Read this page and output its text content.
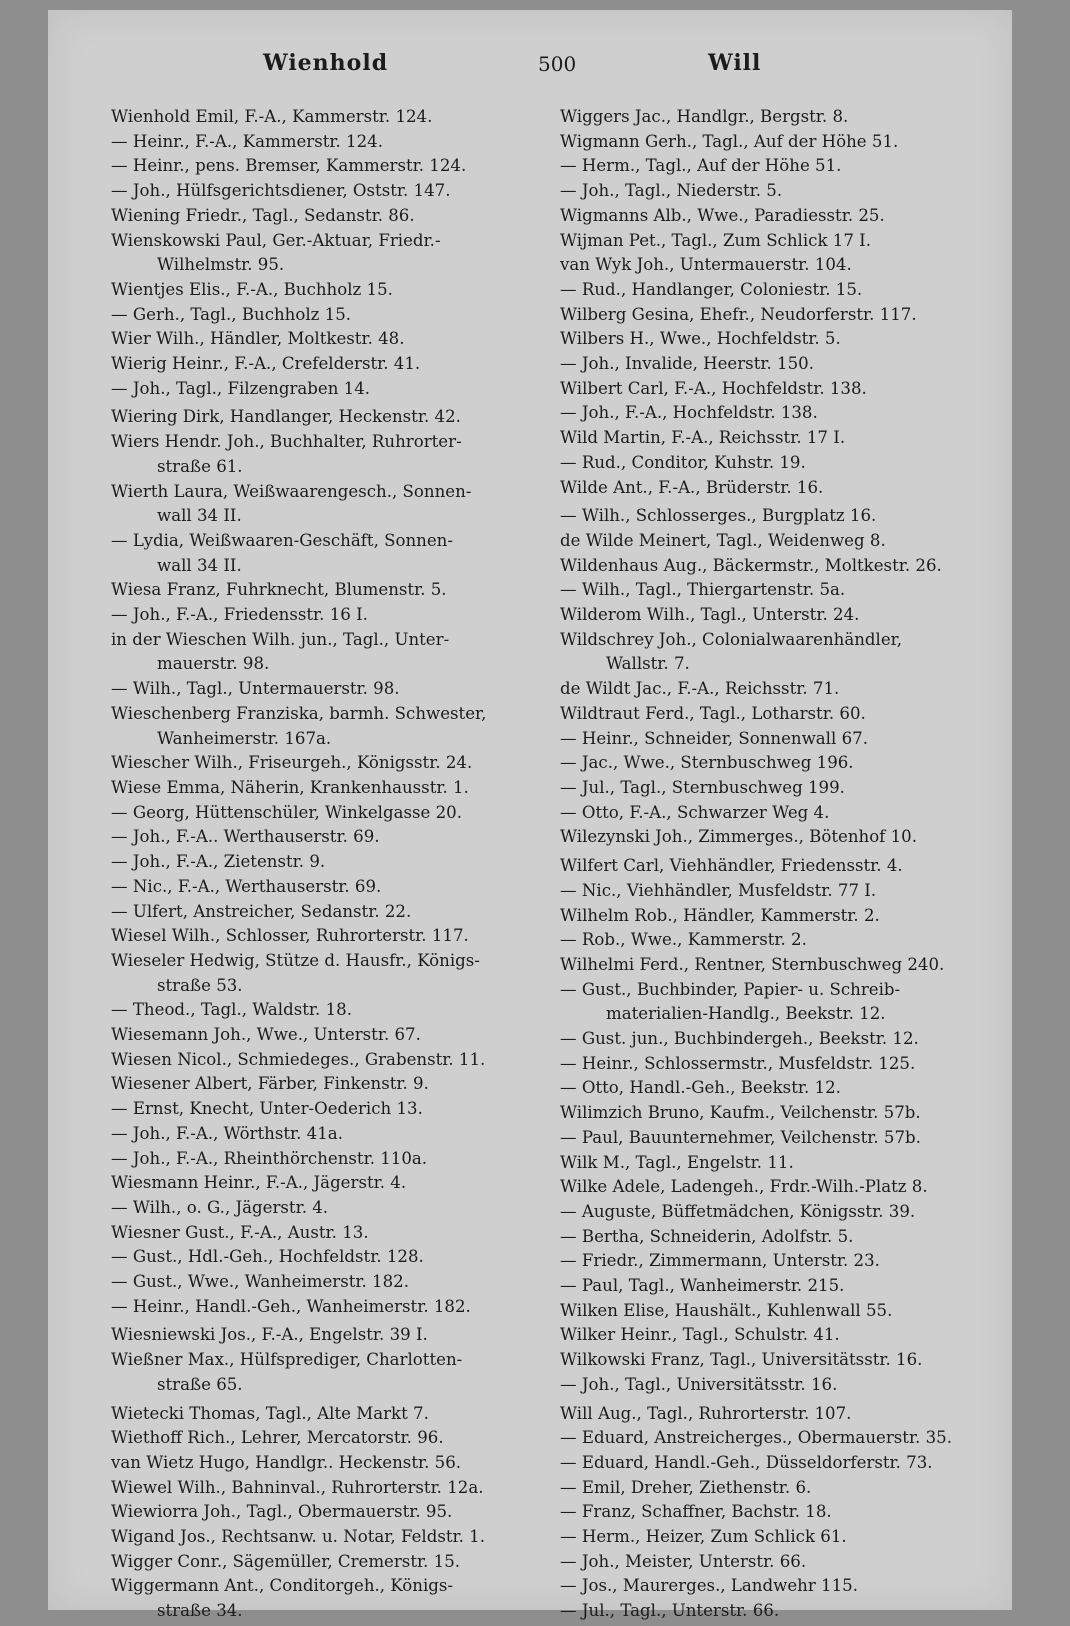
Wienhold	500	Will
Wienhold Emil, F.-A., Kammerstr. 124.
— Heinr., F.-A., Kammerstr. 124.
— Heinr., pens. Bremser, Kammerstr. 124.
— Joh., Hülfsgerichtsdiener, Oststr. 147.
Wiening Friedr., Tagl., Sedanstr. 86.
Wienskowski Paul, Ger.-Aktuar, Friedr.-
Wilhelmstr. 95.
Wientjes Elis., F.-A., Buchholz 15.
— Gerh., Tagl., Buchholz 15.
Wier Wilh., Händler, Moltkestr. 48.
Wierig Heinr., F.-A., Crefelderstr. 41.
— Joh., Tagl., Filzengraben 14.
Wiering Dirk, Handlanger, Heckenstr. 42.
Wiers Hendr. Joh., Buchhalter, Ruhrorter-
straße 61.
Wierth Laura, Weißwaarengesch., Sonnen-
wall 34 II.
— Lydia, Weißwaaren-Geschäft, Sonnen-
wall 34 II.
Wiesa Franz, Fuhrknecht, Blumenstr. 5.
— Joh., F.-A., Friedensstr. 16 I.
in der Wieschen Wilh. jun., Tagl., Unter-
mauerstr. 98.
— Wilh., Tagl., Untermauerstr. 98.
Wieschenberg Franziska, barmh. Schwester,
Wanheimerstr. 167a.
Wiescher Wilh., Friseurgeh., Königsstr. 24.
Wiese Emma, Näherin, Krankenhausstr. 1.
— Georg, Hüttenschüler, Winkelgasse 20.
— Joh., F.-A.. Werthauserstr. 69.
— Joh., F.-A., Zietenstr. 9.
— Nic., F.-A., Werthauserstr. 69.
— Ulfert, Anstreicher, Sedanstr. 22.
Wiesel Wilh., Schlosser, Ruhrorterstr. 117.
Wieseler Hedwig, Stütze d. Hausfr., Königs-
straße 53.
— Theod., Tagl., Waldstr. 18.
Wiesemann Joh., Wwe., Unterstr. 67.
Wiesen Nicol., Schmiedeges., Grabenstr. 11.
Wiesener Albert, Färber, Finkenstr. 9.
— Ernst, Knecht, Unter-Oederich 13.
— Joh., F.-A., Wörthstr. 41a.
— Joh., F.-A., Rheinthörchenstr. 110a.
Wiesmann Heinr., F.-A., Jägerstr. 4.
— Wilh., o. G., Jägerstr. 4.
Wiesner Gust., F.-A., Austr. 13.
— Gust., Hdl.-Geh., Hochfeldstr. 128.
— Gust., Wwe., Wanheimerstr. 182.
— Heinr., Handl.-Geh., Wanheimerstr. 182.
Wiesniewski Jos., F.-A., Engelstr. 39 I.
Wießner Max., Hülfsprediger, Charlotten-
straße 65.
Wietecki Thomas, Tagl., Alte Markt 7.
Wiethoff Rich., Lehrer, Mercatorstr. 96.
van Wietz Hugo, Handlgr.. Heckenstr. 56.
Wiewel Wilh., Bahninval., Ruhrorterstr. 12a.
Wiewiorra Joh., Tagl., Obermauerstr. 95.
Wigand Jos., Rechtsanw. u. Notar, Feldstr. 1.
Wigger Conr., Sägemüller, Cremerstr. 15.
Wiggermann Ant., Conditorgeh., Königs-
straße 34.
Wiggers Jac., Handlgr., Bergstr. 8.
Wigmann Gerh., Tagl., Auf der Höhe 51.
— Herm., Tagl., Auf der Höhe 51.
— Joh., Tagl., Niederstr. 5.
Wigmanns Alb., Wwe., Paradiesstr. 25.
Wijman Pet., Tagl., Zum Schlick 17 I.
van Wyk Joh., Untermauerstr. 104.
— Rud., Handlanger, Coloniestr. 15.
Wilberg Gesina, Ehefr., Neudorferstr. 117.
Wilbers H., Wwe., Hochfeldstr. 5.
— Joh., Invalide, Heerstr. 150.
Wilbert Carl, F.-A., Hochfeldstr. 138.
— Joh., F.-A., Hochfeldstr. 138.
Wild Martin, F.-A., Reichsstr. 17 I.
— Rud., Conditor, Kuhstr. 19.
Wilde Ant., F.-A., Brüderstr. 16.
— Wilh., Schlosserges., Burgplatz 16.
de Wilde Meinert, Tagl., Weidenweg 8.
Wildenhaus Aug., Bäckermstr., Moltkestr. 26.
— Wilh., Tagl., Thiergartenstr. 5a.
Wilderom Wilh., Tagl., Unterstr. 24.
Wildschrey Joh., Colonialwaarenhändler,
Wallstr. 7.
de Wildt Jac., F.-A., Reichsstr. 71.
Wildtraut Ferd., Tagl., Lotharstr. 60.
— Heinr., Schneider, Sonnenwall 67.
— Jac., Wwe., Sternbuschweg 196.
— Jul., Tagl., Sternbuschweg 199.
— Otto, F.-A., Schwarzer Weg 4.
Wilezynski Joh., Zimmerges., Bötenhof 10.
Wilfert Carl, Viehhändler, Friedensstr. 4.
— Nic., Viehhändler, Musfeldstr. 77 I.
Wilhelm Rob., Händler, Kammerstr. 2.
— Rob., Wwe., Kammerstr. 2.
Wilhelmi Ferd., Rentner, Sternbuschweg 240.
— Gust., Buchbinder, Papier- u. Schreib-
materialien-Handlg., Beekstr. 12.
— Gust. jun., Buchbindergeh., Beekstr. 12.
— Heinr., Schlossermstr., Musfeldstr. 125.
— Otto, Handl.-Geh., Beekstr. 12.
Wilimzich Bruno, Kaufm., Veilchenstr. 57b.
— Paul, Bauunternehmer, Veilchenstr. 57b.
Wilk M., Tagl., Engelstr. 11.
Wilke Adele, Ladengeh., Frdr.-Wilh.-Platz 8.
— Auguste, Büffetmädchen, Königsstr. 39.
— Bertha, Schneiderin, Adolfstr. 5.
— Friedr., Zimmermann, Unterstr. 23.
— Paul, Tagl., Wanheimerstr. 215.
Wilken Elise, Haushält., Kuhlenwall 55.
Wilker Heinr., Tagl., Schulstr. 41.
Wilkowski Franz, Tagl., Universitätsstr. 16.
— Joh., Tagl., Universitätsstr. 16.
Will Aug., Tagl., Ruhrorterstr. 107.
— Eduard, Anstreicherges., Obermauerstr. 35.
— Eduard, Handl.-Geh., Düsseldorferstr. 73.
— Emil, Dreher, Ziethenstr. 6.
— Franz, Schaffner, Bachstr. 18.
— Herm., Heizer, Zum Schlick 61.
— Joh., Meister, Unterstr. 66.
— Jos., Maurerges., Landwehr 115.
— Jul., Tagl., Unterstr. 66.
